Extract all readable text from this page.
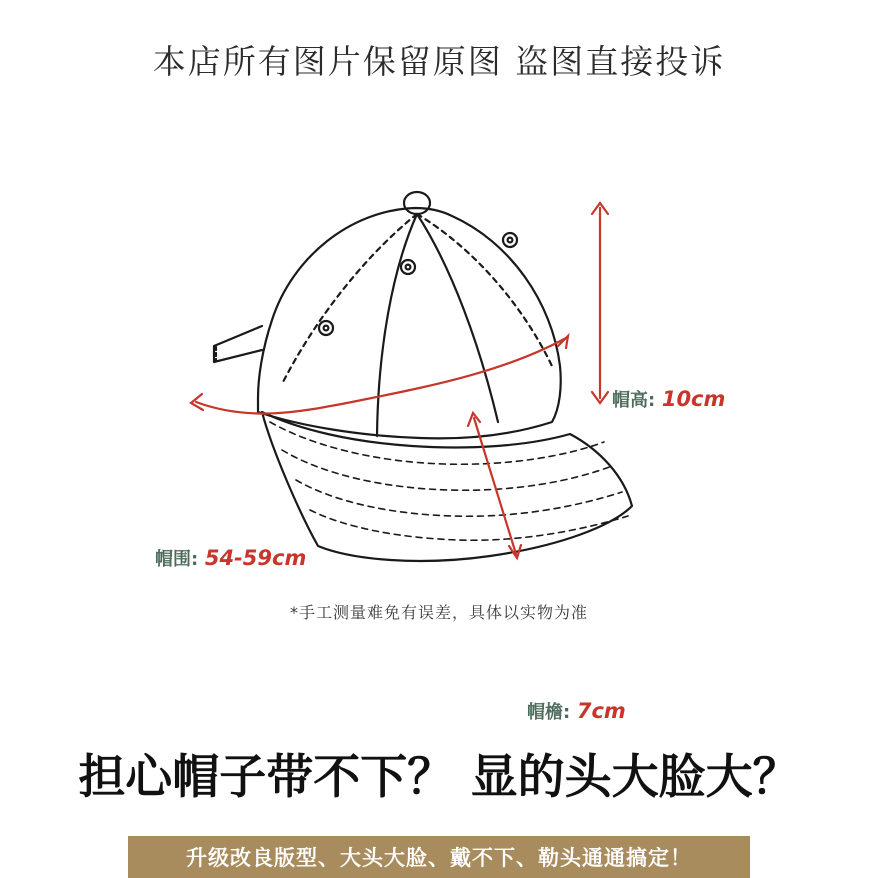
本店所有图片保留原图 盗图直接投诉
帽高: 10cm
帽围: 54-59cm
帽檐: 7cm
*手工测量难免有误差，具体以实物为准
担心帽子带不下？ 显的头大脸大？
升级改良版型、大头大脸、戴不下、勒头通通搞定！
